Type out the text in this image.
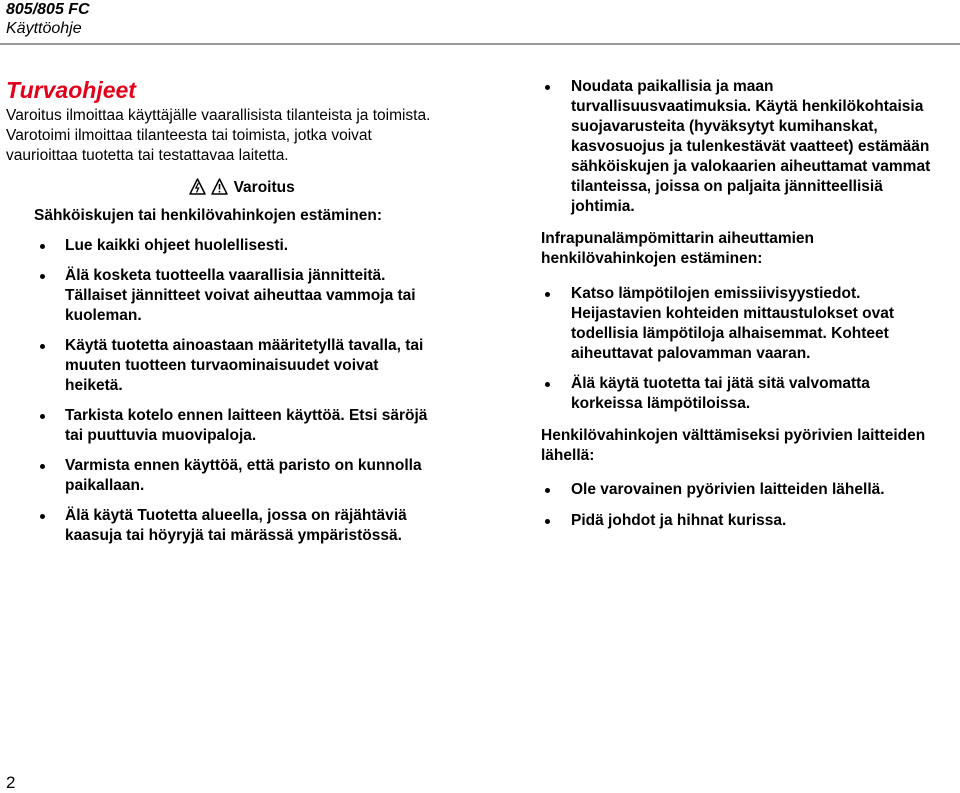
805/805 FC
Käyttöohje
Turvaohjeet

Varoitus ilmoittaa käyttäjälle vaarallisista tilanteista ja toimista. Varotoimi ilmoittaa tilanteesta tai toimista, jotka voivat vaurioittaa tuotetta tai testattavaa laitetta.

Varoitus
Sähköiskujen tai henkilövahinkojen estäminen:
Lue kaikki ohjeet huolellisesti.
Älä kosketa tuotteella vaarallisia jännitteitä. Tällaiset jännitteet voivat aiheuttaa vammoja tai kuoleman.
Käytä tuotetta ainoastaan määritetyllä tavalla, tai muuten tuotteen turvaominaisuudet voivat heiketä.
Tarkista kotelo ennen laitteen käyttöä. Etsi säröjä tai puuttuvia muovipaloja.
Varmista ennen käyttöä, että paristo on kunnolla paikallaan.
Älä käytä Tuotetta alueella, jossa on räjähtäviä kaasuja tai höyryjä tai märässä ympäristössä.
Noudata paikallisia ja maan turvallisuusvaatimuksia. Käytä henkilökohtaisia suojavarusteita (hyväksytyt kumihanskat, kasvosuojus ja tulenkestävät vaatteet) estämään sähköiskujen ja valokaarien aiheuttamat vammat tilanteissa, joissa on paljaita jännitteellisiä johtimia.
Infrapunalämpömittarin aiheuttamien henkilövahinkojen estäminen:
Katso lämpötilojen emissiivisyystiedot. Heijastavien kohteiden mittaustulokset ovat todellisia lämpötiloja alhaisemmat. Kohteet aiheuttavat palovamman vaaran.
Älä käytä tuotetta tai jätä sitä valvomatta korkeissa lämpötiloissa.
Henkilövahinkojen välttämiseksi pyörivien laitteiden lähellä:
Ole varovainen pyörivien laitteiden lähellä.
Pidä johdot ja hihnat kurissa.
2
